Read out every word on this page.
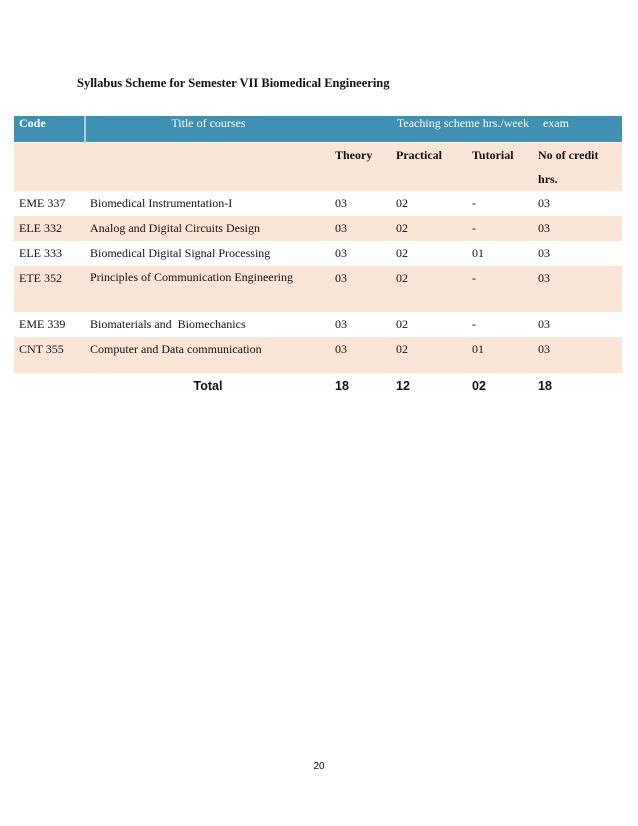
Syllabus Scheme for Semester VII Biomedical Engineering
Code	Title of courses	Teaching scheme hrs./week			exam
		Theory	Practical	Tutorial	No of credit hrs.
EME 337	Biomedical Instrumentation-I	03	02	-	03
ELE 332	Analog and Digital Circuits Design	03	02	-	03
ELE 333	Biomedical Digital Signal Processing	03	02	01	03
ETE 352	Principles of Communication Engineering	03	02	-	03
EME 339	Biomaterials and  Biomechanics	03	02	-	03
CNT 355	Computer and Data communication	03	02	01	03

	Total	18	12	02	18
20
